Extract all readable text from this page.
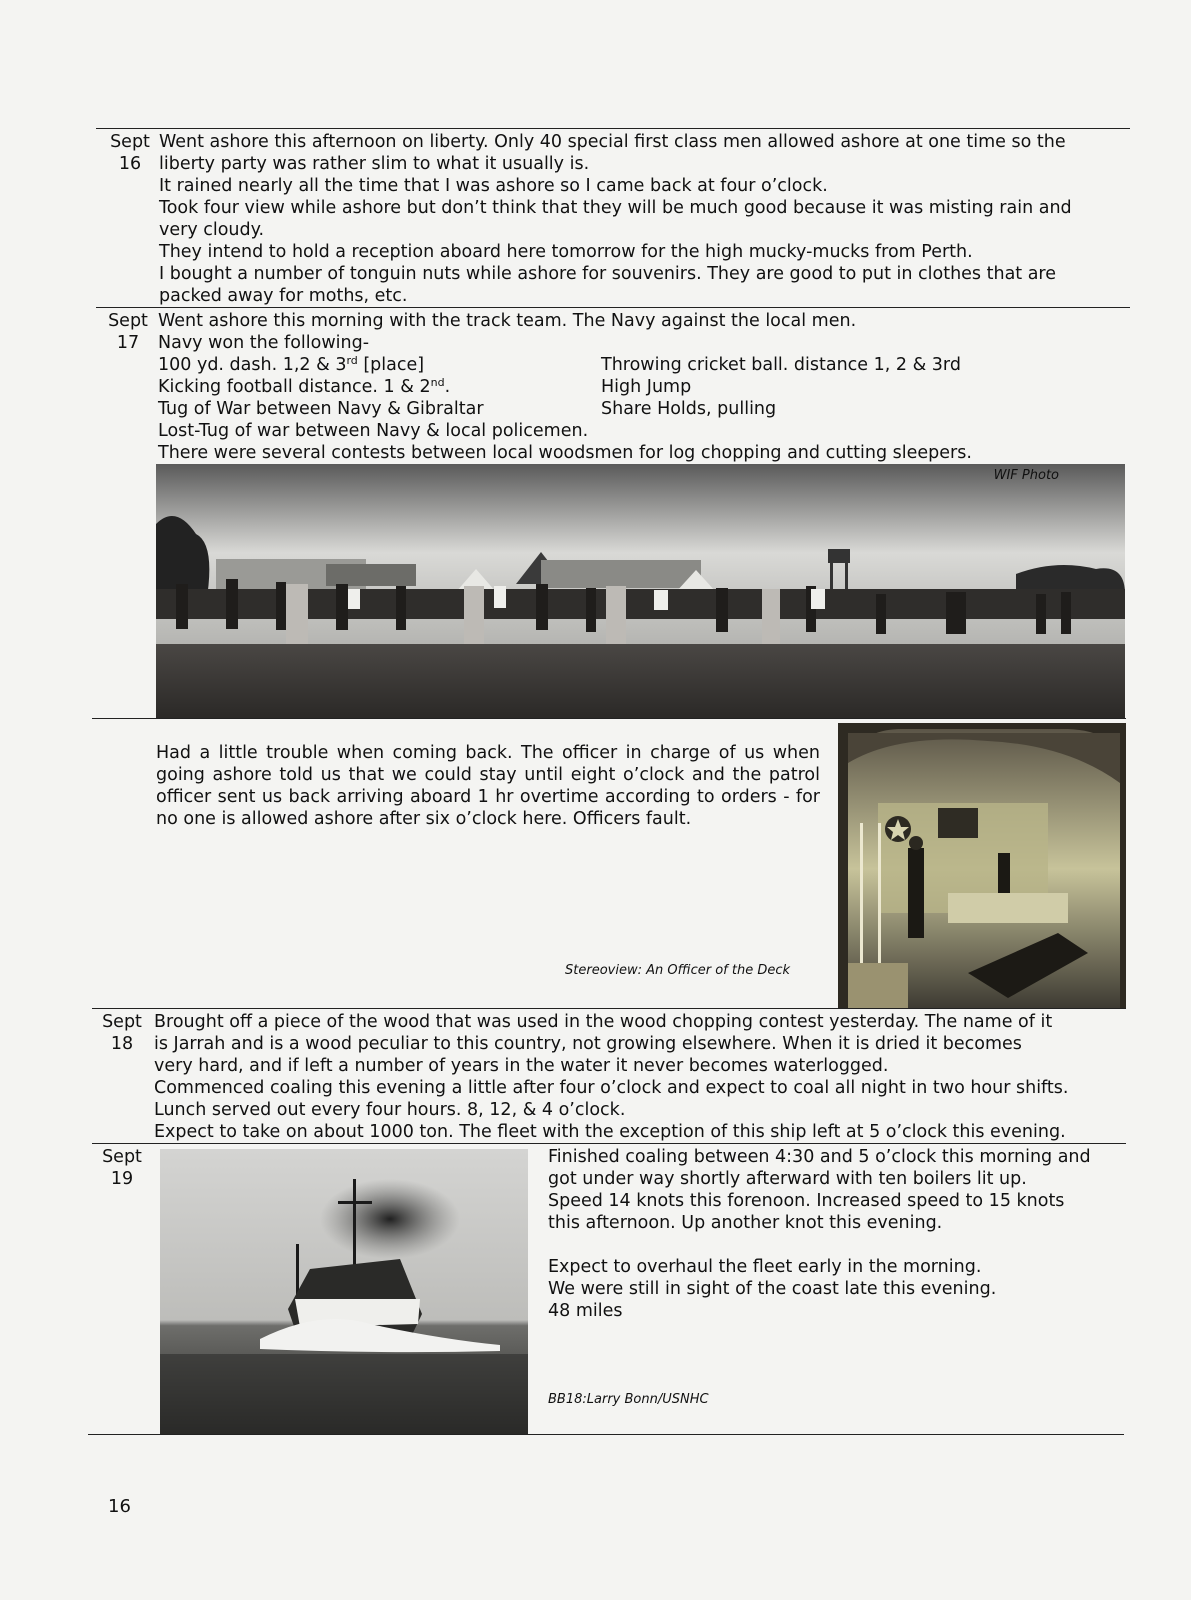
Sept
16
Went ashore this afternoon on liberty. Only 40 special first class men allowed ashore at one time so the
liberty party was rather slim to what it usually is.
It rained nearly all the time that I was ashore so I came back at four o’clock.
Took four view while ashore but don’t think that they will be much good because it was misting rain and
very cloudy.
They intend to hold a reception aboard here tomorrow for the high mucky-mucks from Perth.
I bought a number of tonguin nuts while ashore for souvenirs. They are good to put in clothes that are
packed away for moths, etc.
Sept
17
Went ashore this morning with the track team. The Navy against the local men.
Navy won the following-
100 yd. dash. 1,2 & 3rd [place]
Kicking football distance. 1 & 2nd.
Tug of War between Navy & Gibraltar
Throwing cricket ball. distance 1, 2 & 3rd
High Jump
Share Holds, pulling
Lost-Tug of war between Navy & local policemen.
There were several contests between local woodsmen for log chopping and cutting sleepers.
WIF Photo
Had a little trouble when coming back. The officer in charge of us when going ashore told us that we could stay until eight o’clock and the patrol officer sent us back arriving aboard 1 hr overtime according to orders - for no one is allowed ashore after six o’clock here. Officers fault.
Stereoview: An Officer of the Deck
Sept
18
Brought off a piece of the wood that was used in the wood chopping contest yesterday. The name of it
is Jarrah and is a wood peculiar to this country, not growing elsewhere. When it is dried it becomes
very hard, and if left a number of years in the water it never becomes waterlogged.
Commenced coaling this evening a little after four o’clock and expect to coal all night in two hour shifts.
Lunch served out every four hours. 8, 12, & 4 o’clock.
Expect to take on about 1000 ton. The fleet with the exception of this ship left at 5 o’clock this evening.
Sept
19
Finished coaling between 4:30 and 5 o’clock this morning and
got under way shortly afterward with ten boilers lit up.
Speed 14 knots this forenoon. Increased speed to 15 knots
this afternoon. Up another knot this evening.
Expect to overhaul the fleet early in the morning.
We were still in sight of the coast late this evening.
48 miles
BB18:Larry Bonn/USNHC
16
